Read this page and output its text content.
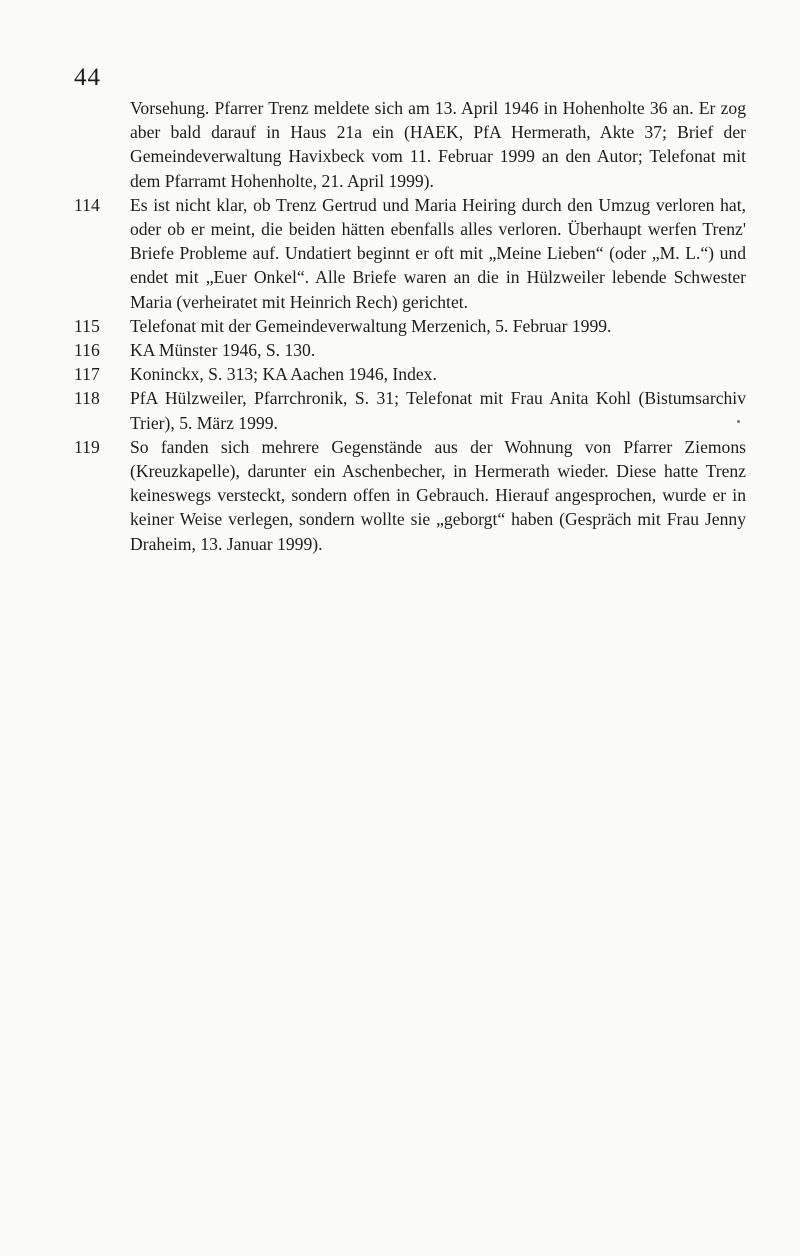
44
Vorsehung. Pfarrer Trenz meldete sich am 13. April 1946 in Hohenholte 36 an. Er zog aber bald darauf in Haus 21a ein (HAEK, PfA Hermerath, Akte 37; Brief der Gemeindeverwaltung Havixbeck vom 11. Februar 1999 an den Autor; Telefonat mit dem Pfarramt Hohenholte, 21. April 1999).
114	Es ist nicht klar, ob Trenz Gertrud und Maria Heiring durch den Umzug verloren hat, oder ob er meint, die beiden hätten ebenfalls alles verloren. Überhaupt werfen Trenz' Briefe Probleme auf. Undatiert beginnt er oft mit „Meine Lieben“ (oder „M. L.“) und endet mit „Euer Onkel“. Alle Briefe waren an die in Hülzweiler lebende Schwester Maria (verheiratet mit Heinrich Rech) gerichtet.
115	Telefonat mit der Gemeindeverwaltung Merzenich, 5. Februar 1999.
116	KA Münster 1946, S. 130.
117	Koninckx, S. 313; KA Aachen 1946, Index.
118	PfA Hülzweiler, Pfarrchronik, S. 31; Telefonat mit Frau Anita Kohl (Bistumsarchiv Trier), 5. März 1999.
119	So fanden sich mehrere Gegenstände aus der Wohnung von Pfarrer Ziemons (Kreuzkapelle), darunter ein Aschenbecher, in Hermerath wieder. Diese hatte Trenz keineswegs versteckt, sondern offen in Gebrauch. Hierauf angesprochen, wurde er in keiner Weise verlegen, sondern wollte sie „geborgt“ haben (Gespräch mit Frau Jenny Draheim, 13. Januar 1999).
